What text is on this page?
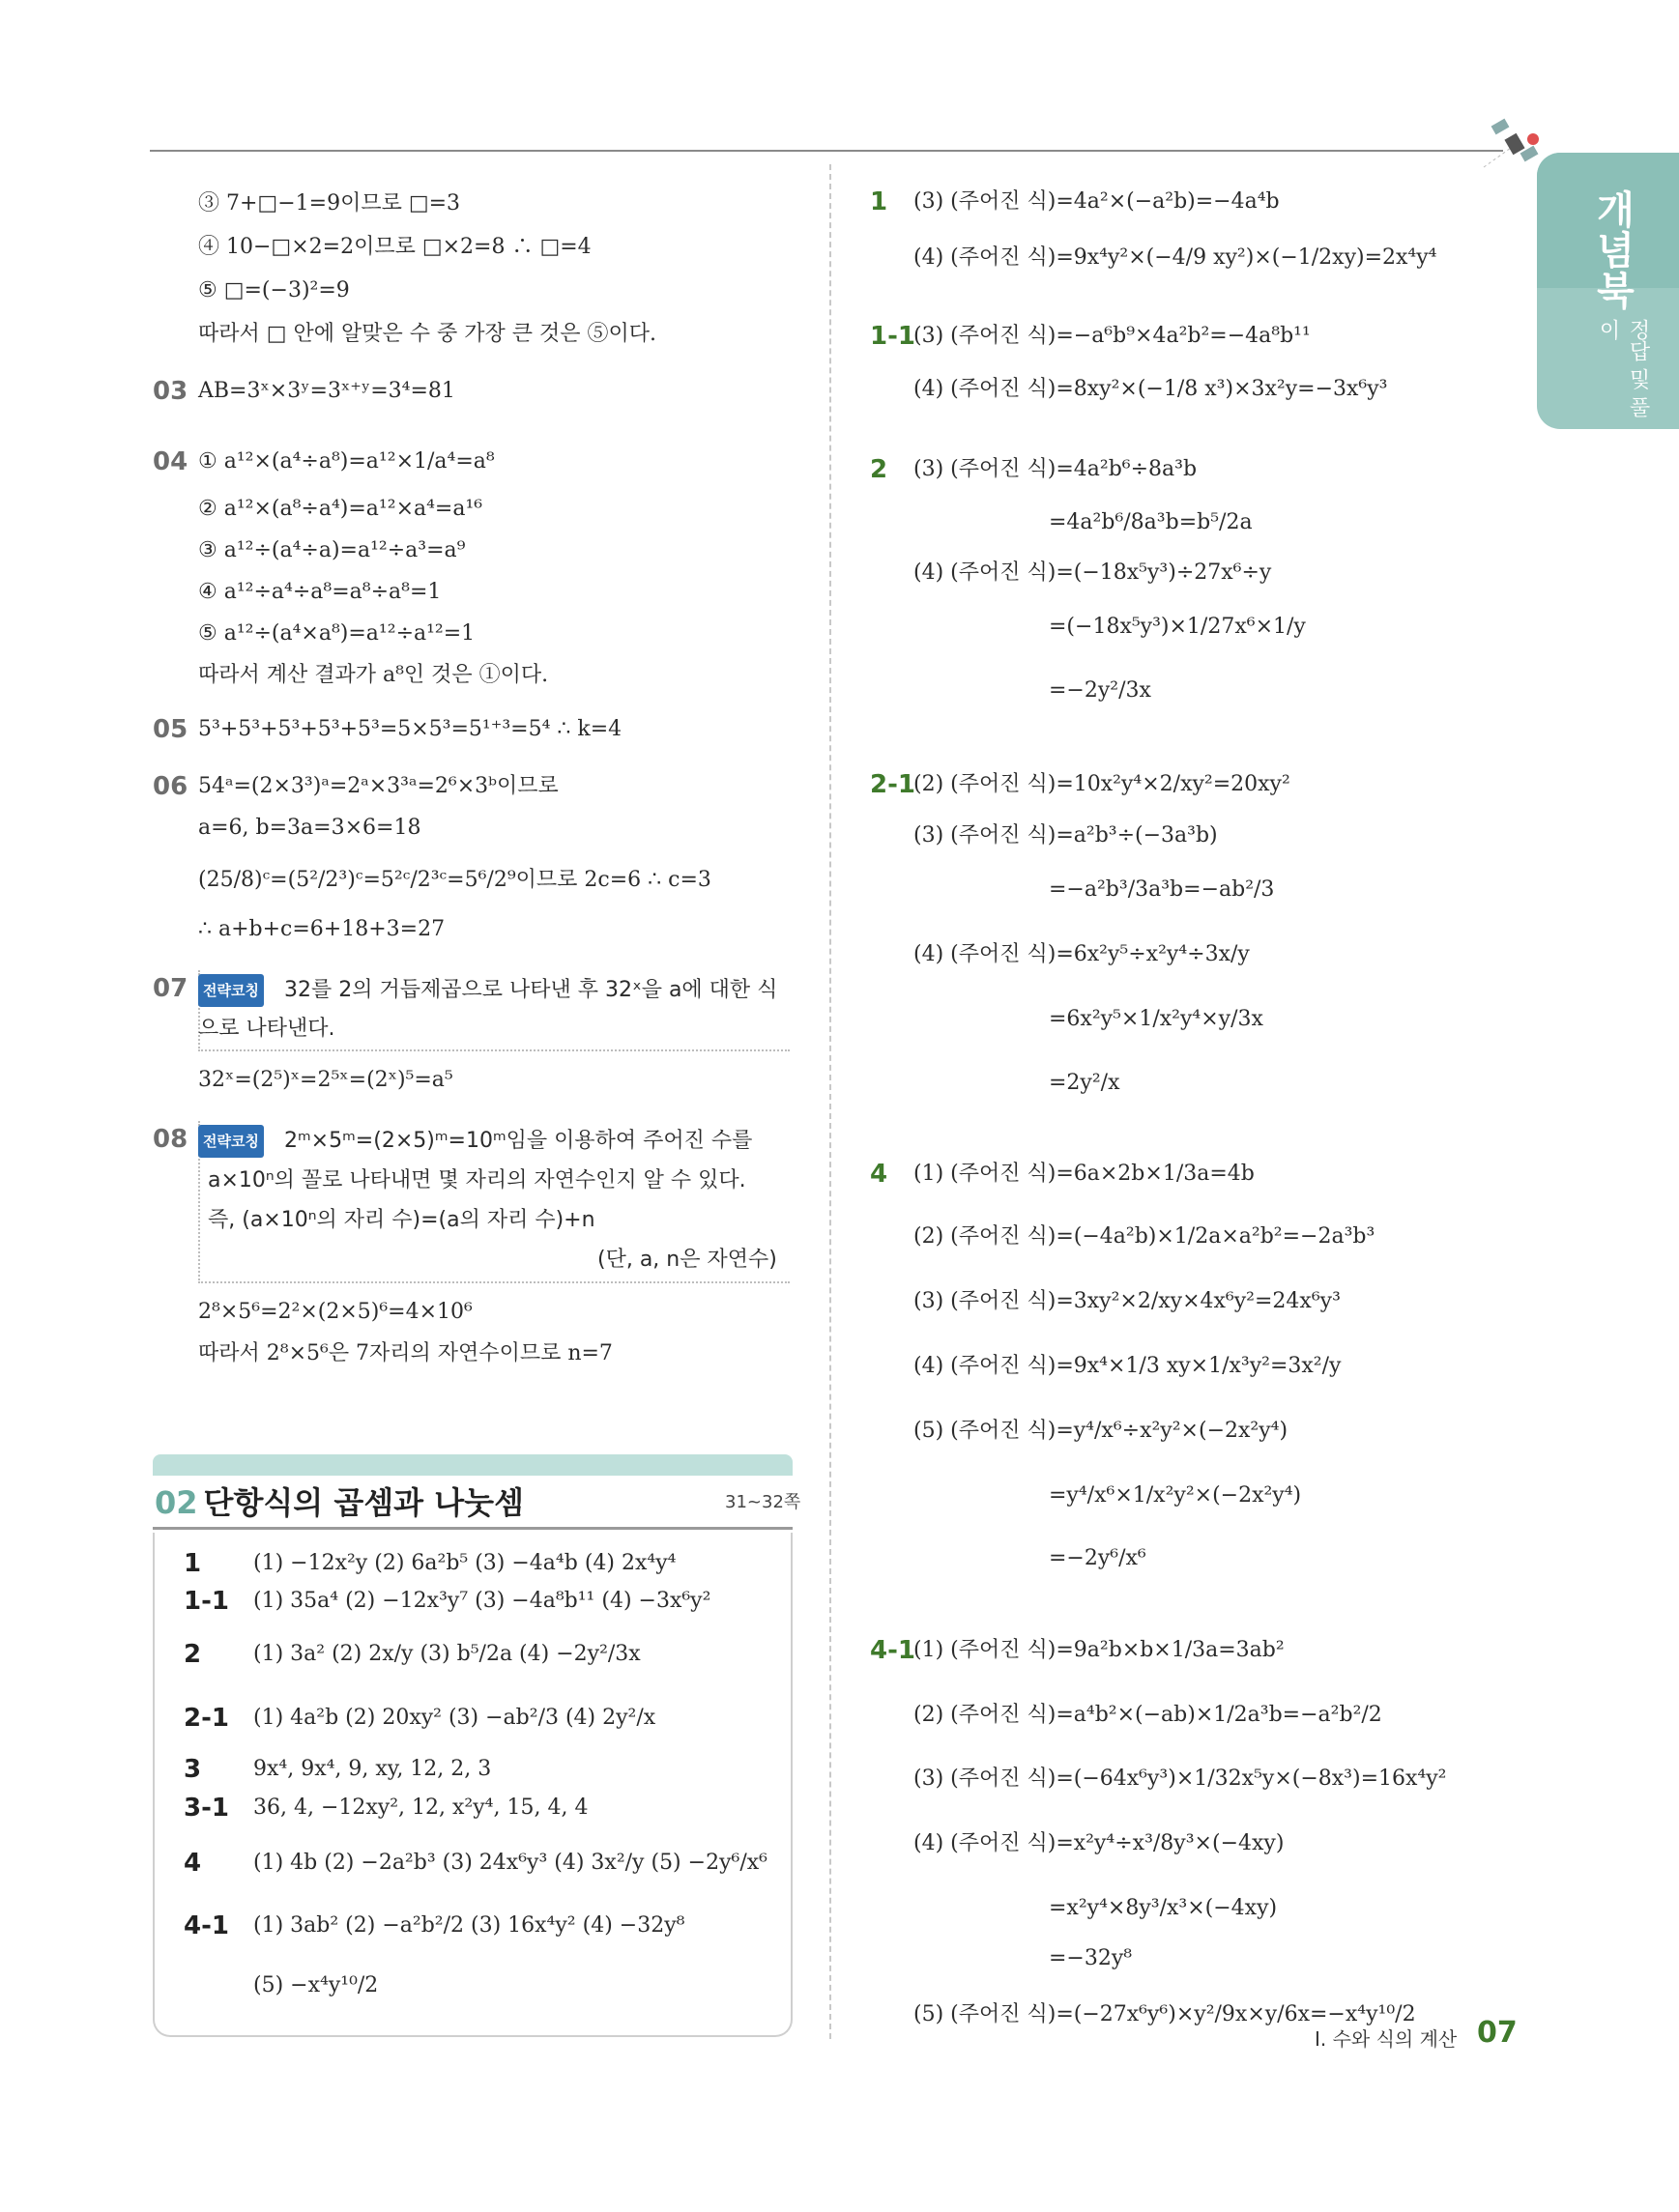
개념북
정답 및 풀이
③ 7+□−1=9이므로 □=3
④ 10−□×2=2이므로 □×2=8 ∴ □=4
⑤ □=(−3)²=9
따라서 □ 안에 알맞은 수 중 가장 큰 것은 ⑤이다.
03 AB=3ˣ×3ʸ=3ˣ⁺ʸ=3⁴=81
04 ① a¹²×(a⁴÷a⁸)=a¹²×1/a⁴=a⁸
② a¹²×(a⁸÷a⁴)=a¹²×a⁴=a¹⁶
③ a¹²÷(a⁴÷a)=a¹²÷a³=a⁹
④ a¹²÷a⁴÷a⁸=a⁸÷a⁸=1
⑤ a¹²÷(a⁴×a⁸)=a¹²÷a¹²=1
따라서 계산 결과가 a⁸인 것은 ①이다.
05 5³+5³+5³+5³+5³=5×5³=5¹⁺³=5⁴ ∴ k=4
06 54ᵃ=(2×3³)ᵃ=2ᵃ×3³ᵃ=2⁶×3ᵇ이므로
a=6, b=3a=3×6=18
(25/8)ᶜ=(5²/2³)ᶜ=5²ᶜ/2³ᶜ=5⁶/2⁹이므로 2c=6 ∴ c=3
∴ a+b+c=6+18+3=27
07	전략코칭 32를 2의 거듭제곱으로 나타낸 후 32ˣ을 a에 대한 식
으로 나타낸다.
32ˣ=(2⁵)ˣ=2⁵ˣ=(2ˣ)⁵=a⁵
08	전략코칭 2ᵐ×5ᵐ=(2×5)ᵐ=10ᵐ임을 이용하여 주어진 수를
a×10ⁿ의 꼴로 나타내면 몇 자리의 자연수인지 알 수 있다.
즉, (a×10ⁿ의 자리 수)=(a의 자리 수)+n
(단, a, n은 자연수)
2⁸×5⁶=2²×(2×5)⁶=4×10⁶
따라서 2⁸×5⁶은 7자리의 자연수이므로 n=7
02 단항식의 곱셈과 나눗셈	31~32쪽
1 (1) −12x²y (2) 6a²b⁵ (3) −4a⁴b (4) 2x⁴y⁴
1-1 (1) 35a⁴ (2) −12x³y⁷ (3) −4a⁸b¹¹ (4) −3x⁶y²
2 (1) 3a² (2) 2x/y (3) b⁵/2a (4) −2y²/3x
2-1 (1) 4a²b (2) 20xy² (3) −ab²/3 (4) 2y²/x
3 9x⁴, 9x⁴, 9, xy, 12, 2, 3
3-1 36, 4, −12xy², 12, x²y⁴, 15, 4, 4
4 (1) 4b (2) −2a²b³ (3) 24x⁶y³ (4) 3x²/y (5) −2y⁶/x⁶
4-1 (1) 3ab² (2) −a²b²/2 (3) 16x⁴y² (4) −32y⁸
(5) −x⁴y¹⁰/2
1 (3) (주어진 식)=4a²×(−a²b)=−4a⁴b
(4) (주어진 식)=9x⁴y²×(−4/9 xy²)×(−1/2xy)=2x⁴y⁴
1-1
(3) (주어진 식)=−a⁶b⁹×4a²b²=−4a⁸b¹¹
(4) (주어진 식)=8xy²×(−1/8 x³)×3x²y=−3x⁶y³
2 (3) (주어진 식)=4a²b⁶÷8a³b
=4a²b⁶/8a³b=b⁵/2a
(4) (주어진 식)=(−18x⁵y³)÷27x⁶÷y
=(−18x⁵y³)×1/27x⁶×1/y
=−2y²/3x
2-1
(2) (주어진 식)=10x²y⁴×2/xy²=20xy²
(3) (주어진 식)=a²b³÷(−3a³b)
=−a²b³/3a³b=−ab²/3
(4) (주어진 식)=6x²y⁵÷x²y⁴÷3x/y
=6x²y⁵×1/x²y⁴×y/3x
=2y²/x
4 (1) (주어진 식)=6a×2b×1/3a=4b
(2) (주어진 식)=(−4a²b)×1/2a×a²b²=−2a³b³
(3) (주어진 식)=3xy²×2/xy×4x⁶y²=24x⁶y³
(4) (주어진 식)=9x⁴×1/3 xy×1/x³y²=3x²/y
(5) (주어진 식)=y⁴/x⁶÷x²y²×(−2x²y⁴)
=y⁴/x⁶×1/x²y²×(−2x²y⁴)
=−2y⁶/x⁶
4-1
(1) (주어진 식)=9a²b×b×1/3a=3ab²
(2) (주어진 식)=a⁴b²×(−ab)×1/2a³b=−a²b²/2
(3) (주어진 식)=(−64x⁶y³)×1/32x⁵y×(−8x³)=16x⁴y²
(4) (주어진 식)=x²y⁴÷x³/8y³×(−4xy)
=x²y⁴×8y³/x³×(−4xy)
=−32y⁸
(5) (주어진 식)=(−27x⁶y⁶)×y²/9x×y/6x=−x⁴y¹⁰/2
Ⅰ. 수와 식의 계산 07
